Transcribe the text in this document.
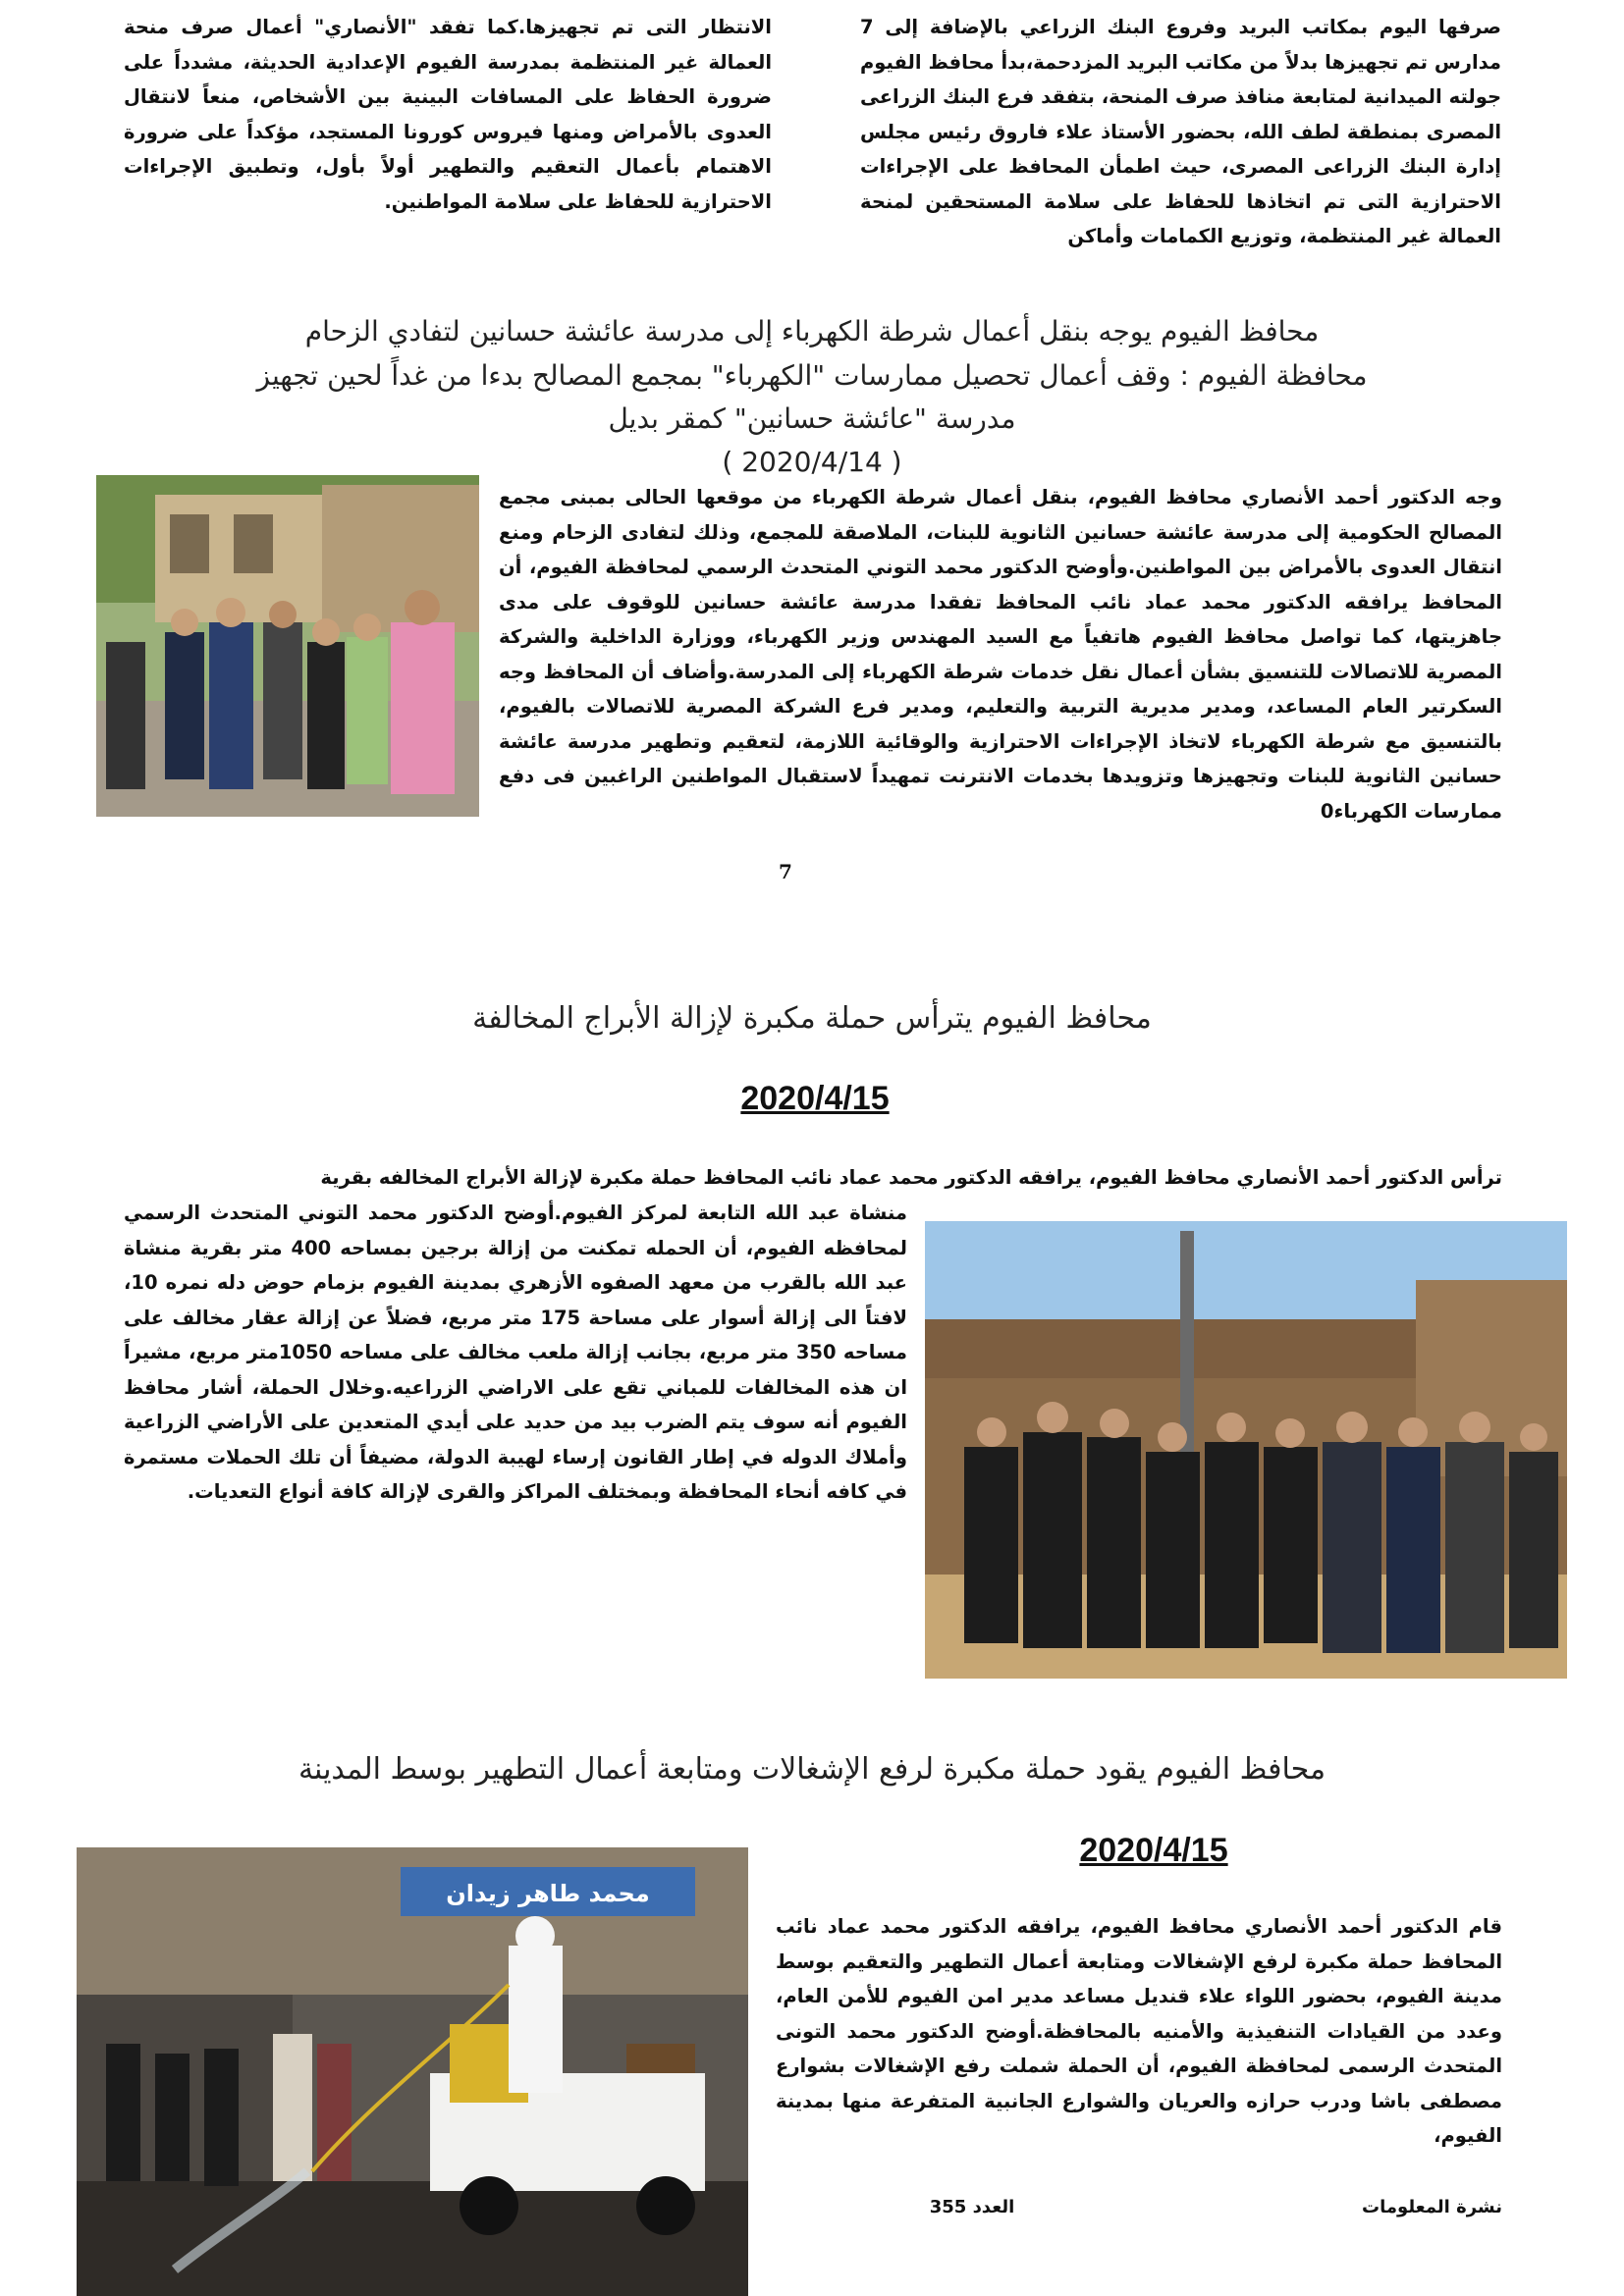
صرفها اليوم بمكاتب البريد وفروع البنك الزراعي بالإضافة إلى 7 مدارس تم تجهيزها بدلاً من مكاتب البريد المزدحمة،بدأ محافظ الفيوم جولته الميدانية لمتابعة منافذ صرف المنحة، بتفقد فرع البنك الزراعى المصرى بمنطقة لطف الله، بحضور الأستاذ علاء فاروق رئيس مجلس إدارة البنك الزراعى المصرى، حيث اطمأن المحافظ على الإجراءات الاحترازية التى تم اتخاذها للحفاظ على سلامة المستحقين لمنحة العمالة غير المنتظمة، وتوزيع الكمامات وأماكن
الانتظار التى تم تجهيزها.كما تفقد "الأنصاري" أعمال صرف منحة العمالة غير المنتظمة بمدرسة الفيوم الإعدادية الحديثة، مشدداً على ضرورة الحفاظ على المسافات البينية بين الأشخاص، منعاً لانتقال العدوى بالأمراض ومنها فيروس كورونا المستجد، مؤكداً على ضرورة الاهتمام بأعمال التعقيم والتطهير أولاً بأول، وتطبيق الإجراءات الاحترازية للحفاظ على سلامة المواطنين.
محافظ الفيوم يوجه بنقل أعمال شرطة الكهرباء إلى مدرسة عائشة حسانين لتفادي الزحام
محافظة الفيوم : وقف أعمال تحصيل ممارسات "الكهرباء" بمجمع المصالح بدءا من غداً لحين تجهيز
مدرسة "عائشة حسانين" كمقر بديل
( 2020/4/14 )
وجه الدكتور أحمد الأنصاري محافظ الفيوم، بنقل أعمال شرطة الكهرباء من موقعها الحالى بمبنى مجمع المصالح الحكومية إلى مدرسة عائشة حسانين الثانوية للبنات، الملاصقة للمجمع، وذلك لتفادى الزحام ومنع انتقال العدوى بالأمراض بين المواطنين.وأوضح الدكتور محمد التوني المتحدث الرسمي لمحافظة الفيوم، أن المحافظ يرافقه الدكتور محمد عماد نائب المحافظ تفقدا مدرسة عائشة حسانين للوقوف على مدى جاهزيتها، كما تواصل محافظ الفيوم هاتفياً مع السيد المهندس وزير الكهرباء، ووزارة الداخلية والشركة المصرية للاتصالات للتنسيق بشأن أعمال نقل خدمات شرطة الكهرباء إلى المدرسة.وأضاف أن المحافظ وجه السكرتير العام المساعد، ومدير مديرية التربية والتعليم، ومدير فرع الشركة المصرية للاتصالات بالفيوم، بالتنسيق مع شرطة الكهرباء لاتخاذ الإجراءات الاحترازية والوقائية اللازمة، لتعقيم وتطهير مدرسة عائشة حسانين الثانوية للبنات وتجهيزها وتزويدها بخدمات الانترنت تمهيداً لاستقبال المواطنين الراغبين فى دفع ممارسات الكهرباء0
7
محافظ الفيوم يترأس حملة مكبرة لإزالة الأبراج المخالفة
2020/4/15
ترأس الدكتور أحمد الأنصاري محافظ الفيوم، يرافقه الدكتور محمد عماد نائب المحافظ حملة مكبرة لإزالة الأبراج المخالفه بقرية
منشاة عبد الله التابعة لمركز الفيوم.أوضح الدكتور محمد التوني المتحدث الرسمي لمحافظه الفيوم، أن الحمله تمكنت من إزالة برجين بمساحه 400 متر بقرية منشاة عبد الله بالقرب من معهد الصفوه الأزهري بمدينة الفيوم بزمام حوض دله نمره 10، لافتاً الى إزالة أسوار على مساحة 175 متر مربع، فضلاً عن إزالة عقار مخالف على مساحه 350 متر مربع، بجانب إزالة ملعب مخالف على مساحه 1050متر مربع، مشيراً ان هذه المخالفات للمباني تقع على الاراضي الزراعيه.وخلال الحملة، أشار محافظ الفيوم أنه سوف يتم الضرب بيد من حديد على أيدي المتعدين على الأراضي الزراعية وأملاك الدوله في إطار القانون إرساء لهيبة الدولة، مضيفاً أن تلك الحملات مستمرة في كافه أنحاء المحافظة وبمختلف المراكز والقرى لإزالة كافة أنواع التعديات.
محافظ الفيوم يقود حملة مكبرة لرفع الإشغالات ومتابعة أعمال التطهير بوسط المدينة
محمد طاهر زيدان
2020/4/15
قام الدكتور أحمد الأنصاري محافظ الفيوم، يرافقه الدكتور محمد عماد نائب المحافظ حملة مكبرة لرفع الإشغالات ومتابعة أعمال التطهير والتعقيم بوسط مدينة الفيوم، بحضور اللواء علاء قنديل مساعد مدير امن الفيوم للأمن العام، وعدد من القيادات التنفيذية والأمنيه بالمحافظة.أوضح الدكتور محمد التونى المتحدث الرسمى لمحافظة الفيوم، أن الحملة شملت رفع الإشغالات بشوارع مصطفى باشا ودرب حرازه والعريان والشوارع الجانبية المتفرعة منها بمدينة الفيوم،
نشرة المعلومات
العدد 355
